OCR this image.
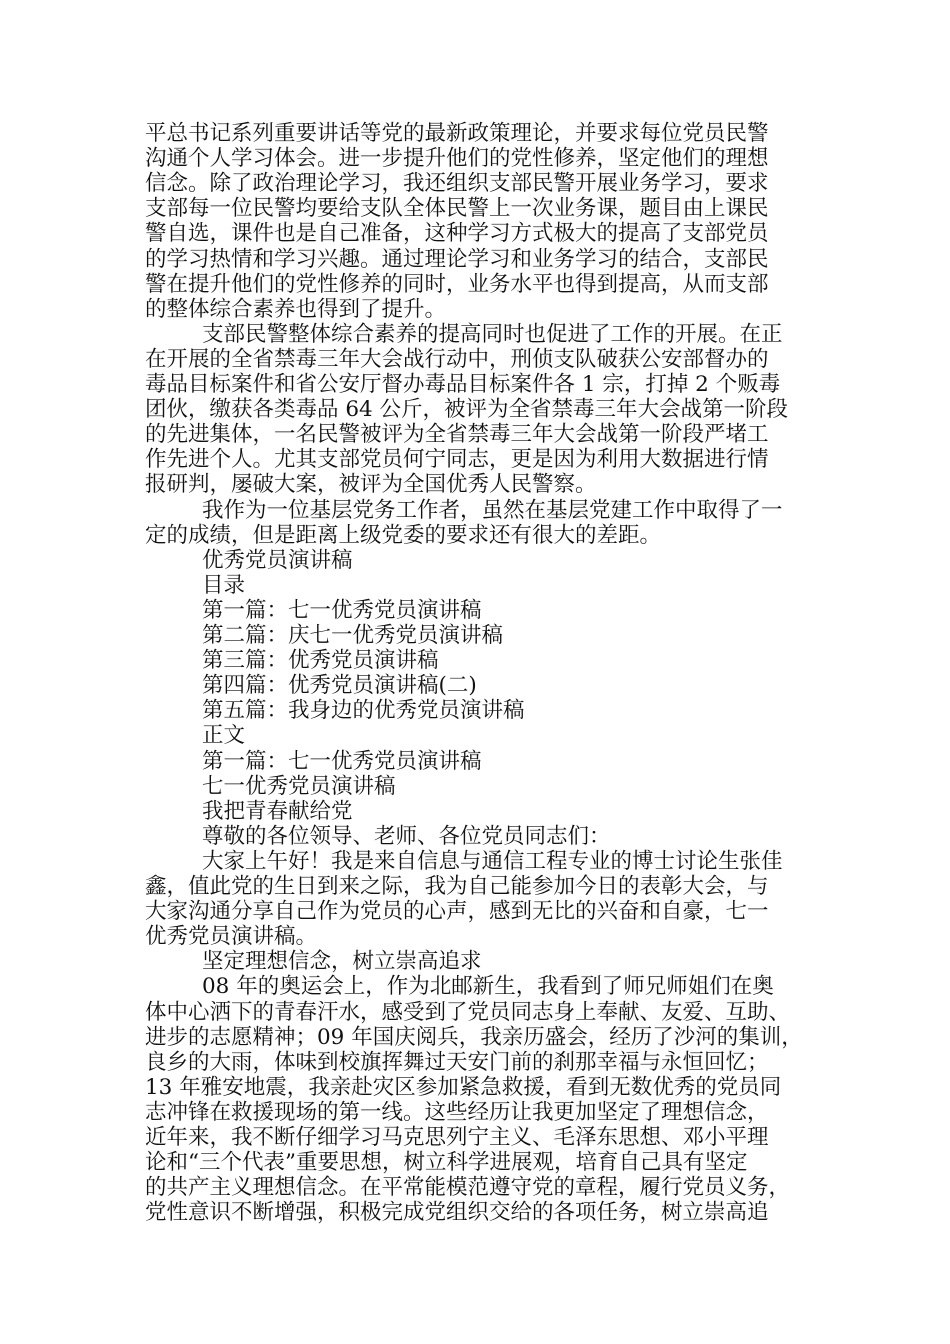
平总书记系列重要讲话等党的最新政策理论，并要求每位党员民警
沟通个人学习体会。进一步提升他们的党性修养，坚定他们的理想
信念。除了政治理论学习，我还组织支部民警开展业务学习，要求
支部每一位民警均要给支队全体民警上一次业务课，题目由上课民
警自选，课件也是自己准备，这种学习方式极大的提高了支部党员
的学习热情和学习兴趣。通过理论学习和业务学习的结合，支部民
警在提升他们的党性修养的同时，业务水平也得到提高，从而支部
的整体综合素养也得到了提升。
支部民警整体综合素养的提高同时也促进了工作的开展。在正
在开展的全省禁毒三年大会战行动中，刑侦支队破获公安部督办的
毒品目标案件和省公安厅督办毒品目标案件各 1 宗，打掉 2 个贩毒
团伙，缴获各类毒品 64 公斤，被评为全省禁毒三年大会战第一阶段
的先进集体，一名民警被评为全省禁毒三年大会战第一阶段严堵工
作先进个人。尤其支部党员何宁同志，更是因为利用大数据进行情
报研判，屡破大案，被评为全国优秀人民警察。
我作为一位基层党务工作者，虽然在基层党建工作中取得了一
定的成绩，但是距离上级党委的要求还有很大的差距。
优秀党员演讲稿
目录
第一篇：七一优秀党员演讲稿
第二篇：庆七一优秀党员演讲稿
第三篇：优秀党员演讲稿
第四篇：优秀党员演讲稿(二)
第五篇：我身边的优秀党员演讲稿
正文
第一篇：七一优秀党员演讲稿
七一优秀党员演讲稿
我把青春献给党
尊敬的各位领导、老师、各位党员同志们：
大家上午好！我是来自信息与通信工程专业的博士讨论生张佳
鑫，值此党的生日到来之际，我为自己能参加今日的表彰大会，与
大家沟通分享自己作为党员的心声，感到无比的兴奋和自豪，七一
优秀党员演讲稿。
坚定理想信念，树立崇高追求
08 年的奥运会上，作为北邮新生，我看到了师兄师姐们在奥
体中心洒下的青春汗水，感受到了党员同志身上奉献、友爱、互助、
进步的志愿精神；09 年国庆阅兵，我亲历盛会，经历了沙河的集训，
良乡的大雨，体味到校旗挥舞过天安门前的刹那幸福与永恒回忆；
13 年雅安地震，我亲赴灾区参加紧急救援，看到无数优秀的党员同
志冲锋在救援现场的第一线。这些经历让我更加坚定了理想信念，
近年来，我不断仔细学习马克思列宁主义、毛泽东思想、邓小平理
论和“三个代表”重要思想，树立科学进展观，培育自己具有坚定
的共产主义理想信念。在平常能模范遵守党的章程，履行党员义务，
党性意识不断增强，积极完成党组织交给的各项任务，树立崇高追
